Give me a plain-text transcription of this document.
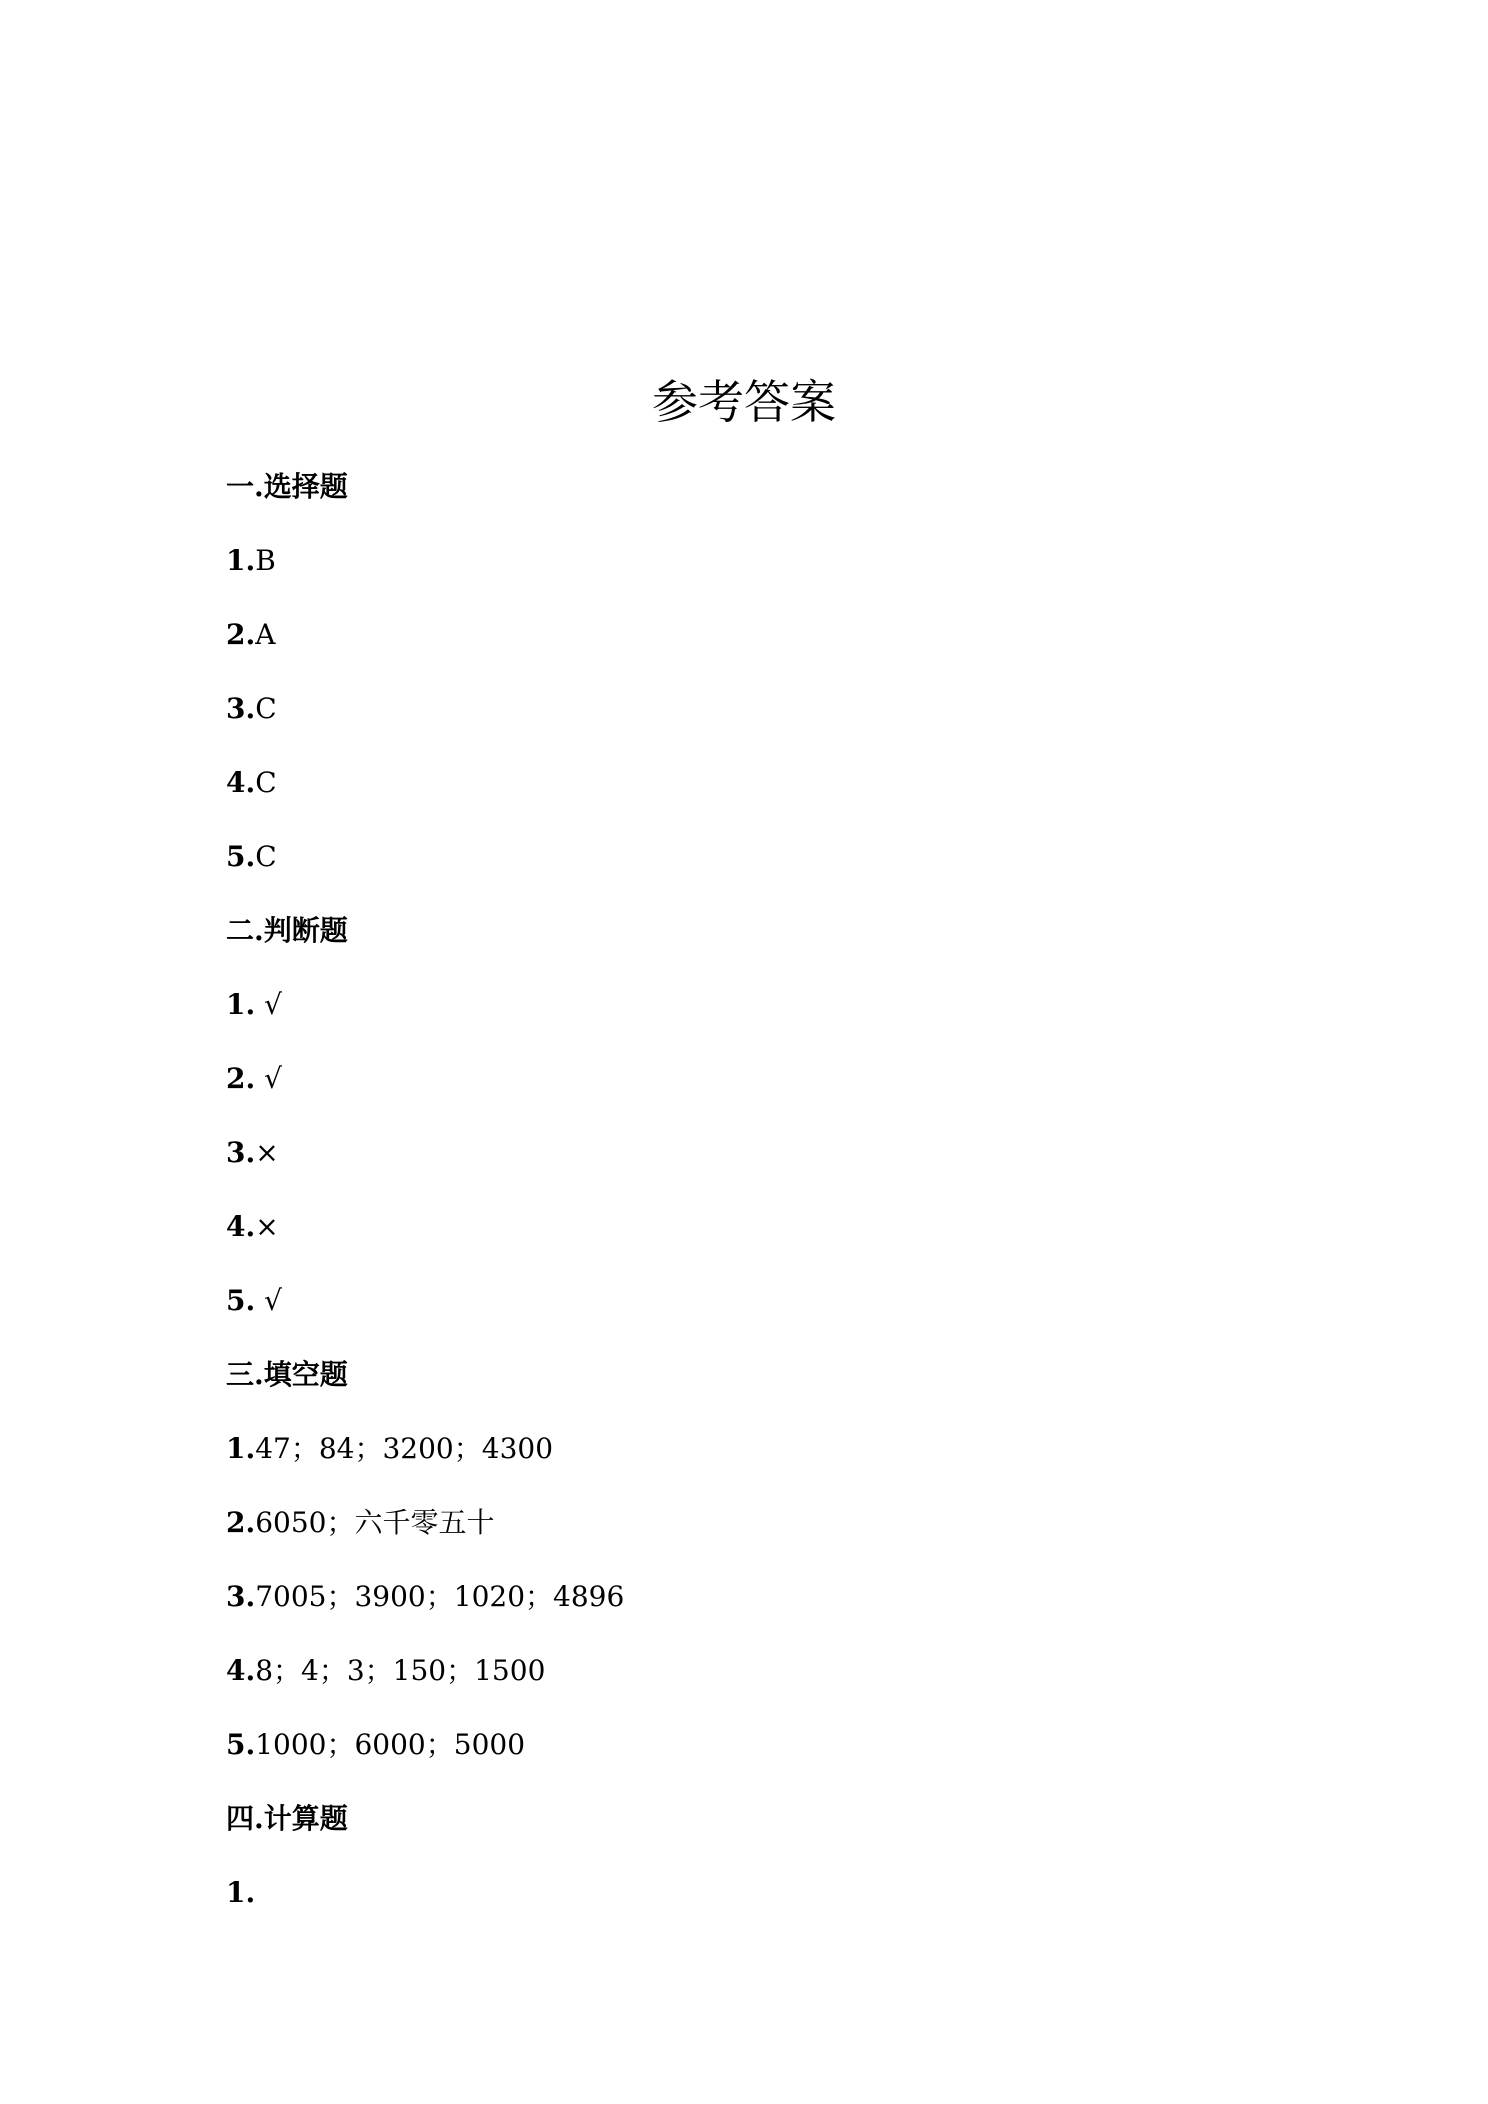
参考答案
一.选择题
1.B
2.A
3.C
4.C
5.C
二.判断题
1. √
2. √
3.×
4.×
5. √
三.填空题
1.47；84；3200；4300
2.6050；六千零五十
3.7005；3900；1020；4896
4.8；4；3；150；1500
5.1000；6000；5000
四.计算题
1.
